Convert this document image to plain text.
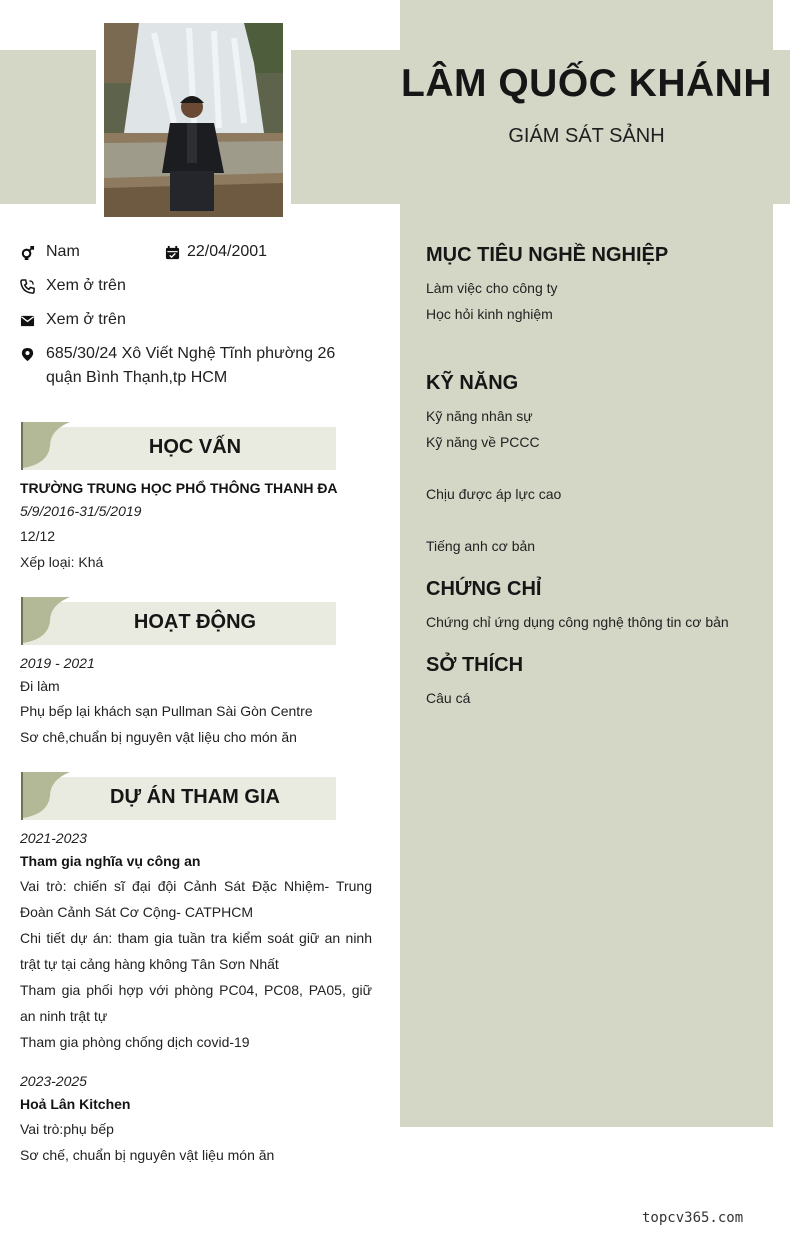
LÂM QUỐC KHÁNH
GIÁM SÁT SẢNH
Nam	22/04/2001
Xem ở trên
Xem ở trên
685/30/24 Xô Viết Nghệ Tĩnh phường 26 quận Bình Thạnh,tp HCM
HỌC VẤN
TRƯỜNG TRUNG HỌC PHỔ THÔNG THANH ĐA
5/9/2016-31/5/2019
12/12
Xếp loại: Khá
HOẠT ĐỘNG
2019 - 2021
Đi làm
Phụ bếp lại khách sạn Pullman Sài Gòn Centre
Sơ chê,chuẩn bị nguyên vật liệu cho món ăn
DỰ ÁN THAM GIA
2021-2023
Tham gia nghĩa vụ công an
Vai trò: chiến sĩ đại đội Cảnh Sát Đặc Nhiệm- Trung Đoàn Cảnh Sát Cơ Cộng- CATPHCM
Chi tiết dự án: tham gia tuần tra kiểm soát giữ an ninh trật tự tại cảng hàng không Tân Sơn Nhất
Tham gia phối hợp với phòng PC04, PC08, PA05, giữ an ninh trật tự
Tham gia phòng chống dịch covid-19
2023-2025
Hoả Lân Kitchen
Vai trò:phụ bếp
Sơ chế, chuẩn bị nguyên vật liệu món ăn
MỤC TIÊU NGHỀ NGHIỆP
Làm việc cho công ty
Học hỏi kinh nghiệm
KỸ NĂNG
Kỹ năng nhân sự
Kỹ năng về PCCC
Chịu được áp lực cao
Tiếng anh cơ bản
CHỨNG CHỈ
Chứng chỉ ứng dụng công nghệ thông tin cơ bản
SỞ THÍCH
Câu cá
topcv365.com
